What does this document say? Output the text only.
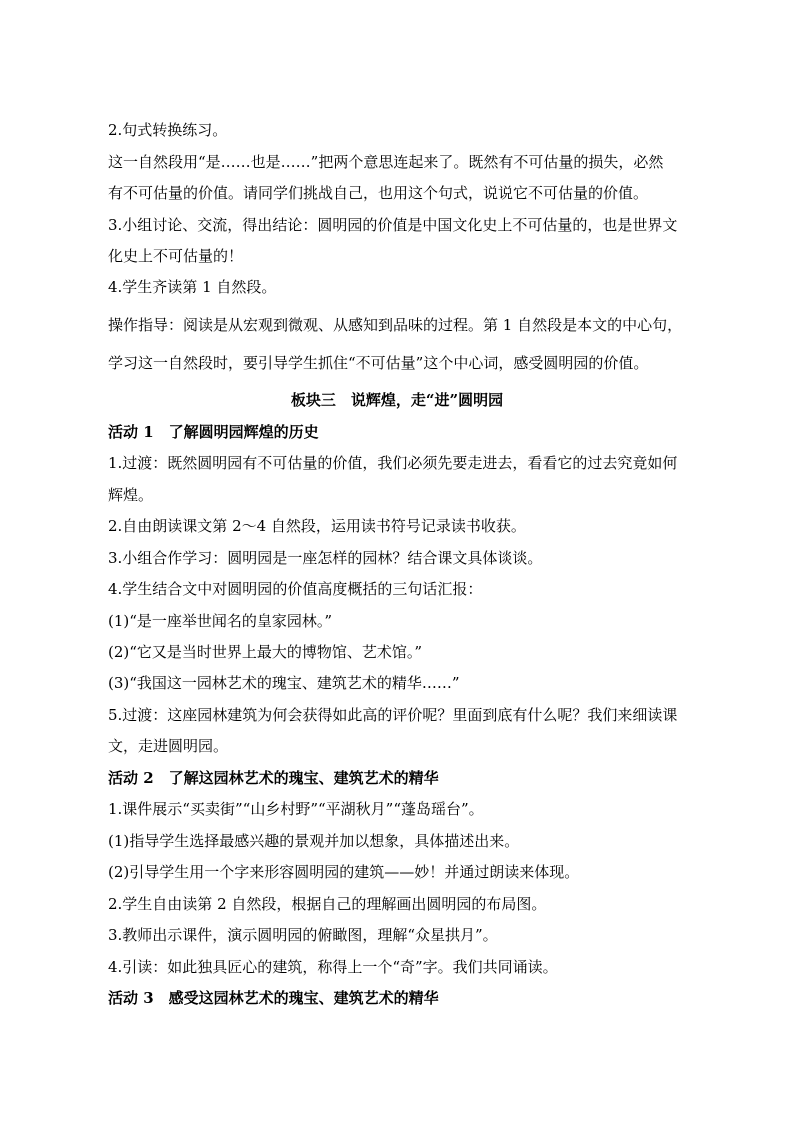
2.句式转换练习。
这一自然段用“是……也是……”把两个意思连起来了。既然有不可估量的损失，必然
有不可估量的价值。请同学们挑战自己，也用这个句式，说说它不可估量的价值。
3.小组讨论、交流，得出结论：圆明园的价值是中国文化史上不可估量的，也是世界文
化史上不可估量的！
4.学生齐读第 1 自然段。
操作指导：阅读是从宏观到微观、从感知到品味的过程。第 1 自然段是本文的中心句，
学习这一自然段时，要引导学生抓住“不可估量”这个中心词，感受圆明园的价值。
板块三　说辉煌，走“进”圆明园
活动 1　了解圆明园辉煌的历史
1.过渡：既然圆明园有不可估量的价值，我们必须先要走进去，看看它的过去究竟如何
辉煌。
2.自由朗读课文第 2～4 自然段，运用读书符号记录读书收获。
3.小组合作学习：圆明园是一座怎样的园林？结合课文具体谈谈。
4.学生结合文中对圆明园的价值高度概括的三句话汇报：
(1)“是一座举世闻名的皇家园林。”
(2)“它又是当时世界上最大的博物馆、艺术馆。”
(3)“我国这一园林艺术的瑰宝、建筑艺术的精华……”
5.过渡：这座园林建筑为何会获得如此高的评价呢？里面到底有什么呢？我们来细读课
文，走进圆明园。
活动 2　了解这园林艺术的瑰宝、建筑艺术的精华
1.课件展示“买卖街”“山乡村野”“平湖秋月”“蓬岛瑶台”。
(1)指导学生选择最感兴趣的景观并加以想象，具体描述出来。
(2)引导学生用一个字来形容圆明园的建筑——妙！并通过朗读来体现。
2.学生自由读第 2 自然段，根据自己的理解画出圆明园的布局图。
3.教师出示课件，演示圆明园的俯瞰图，理解“众星拱月”。
4.引读：如此独具匠心的建筑，称得上一个“奇”字。我们共同诵读。
活动 3　感受这园林艺术的瑰宝、建筑艺术的精华
